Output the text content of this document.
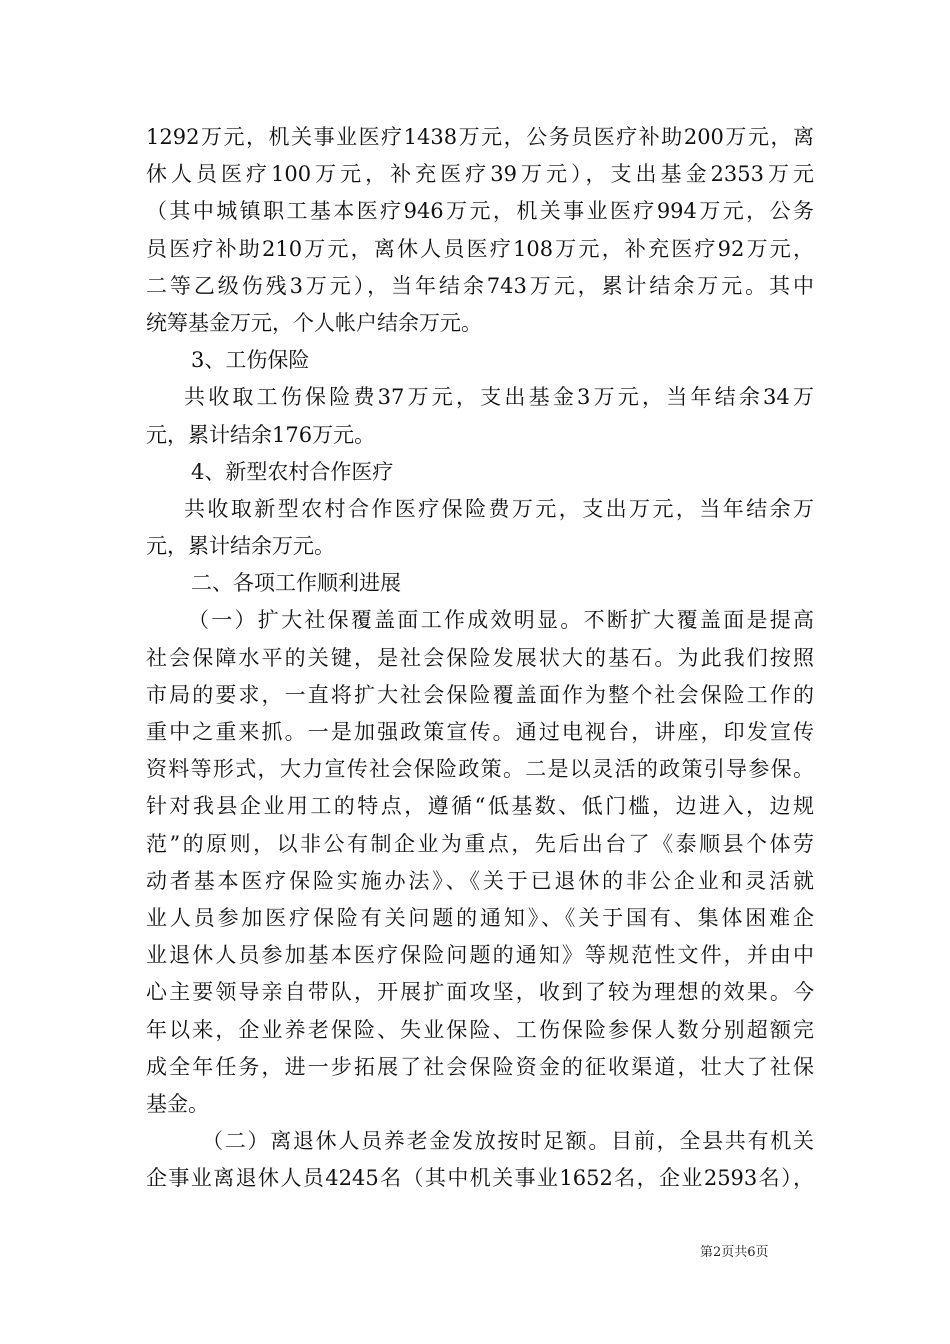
1292万元，机关事业医疗1438万元，公务员医疗补助200万元，离
休人员医疗100万元，补充医疗39万元），支出基金2353万元
（其中城镇职工基本医疗946万元，机关事业医疗994万元，公务
员医疗补助210万元，离休人员医疗108万元，补充医疗92万元，
二等乙级伤残3万元），当年结余743万元，累计结余万元。其中
统筹基金万元，个人帐户结余万元。
3、工伤保险
共收取工伤保险费37万元，支出基金3万元，当年结余34万
元，累计结余176万元。
4、新型农村合作医疗
共收取新型农村合作医疗保险费万元，支出万元，当年结余万
元，累计结余万元。
二、各项工作顺利进展
（一）扩大社保覆盖面工作成效明显。不断扩大覆盖面是提高
社会保障水平的关键，是社会保险发展状大的基石。为此我们按照
市局的要求，一直将扩大社会保险覆盖面作为整个社会保险工作的
重中之重来抓。一是加强政策宣传。通过电视台，讲座，印发宣传
资料等形式，大力宣传社会保险政策。二是以灵活的政策引导参保。
针对我县企业用工的特点，遵循“低基数、低门槛，边进入，边规
范”的原则，以非公有制企业为重点，先后出台了《泰顺县个体劳
动者基本医疗保险实施办法》、《关于已退休的非公企业和灵活就
业人员参加医疗保险有关问题的通知》、《关于国有、集体困难企
业退休人员参加基本医疗保险问题的通知》等规范性文件，并由中
心主要领导亲自带队，开展扩面攻坚，收到了较为理想的效果。今
年以来，企业养老保险、失业保险、工伤保险参保人数分别超额完
成全年任务，进一步拓展了社会保险资金的征收渠道，壮大了社保
基金。
（二）离退休人员养老金发放按时足额。目前，全县共有机关
企事业离退休人员4245名（其中机关事业1652名，企业2593名），
第2页共6页
